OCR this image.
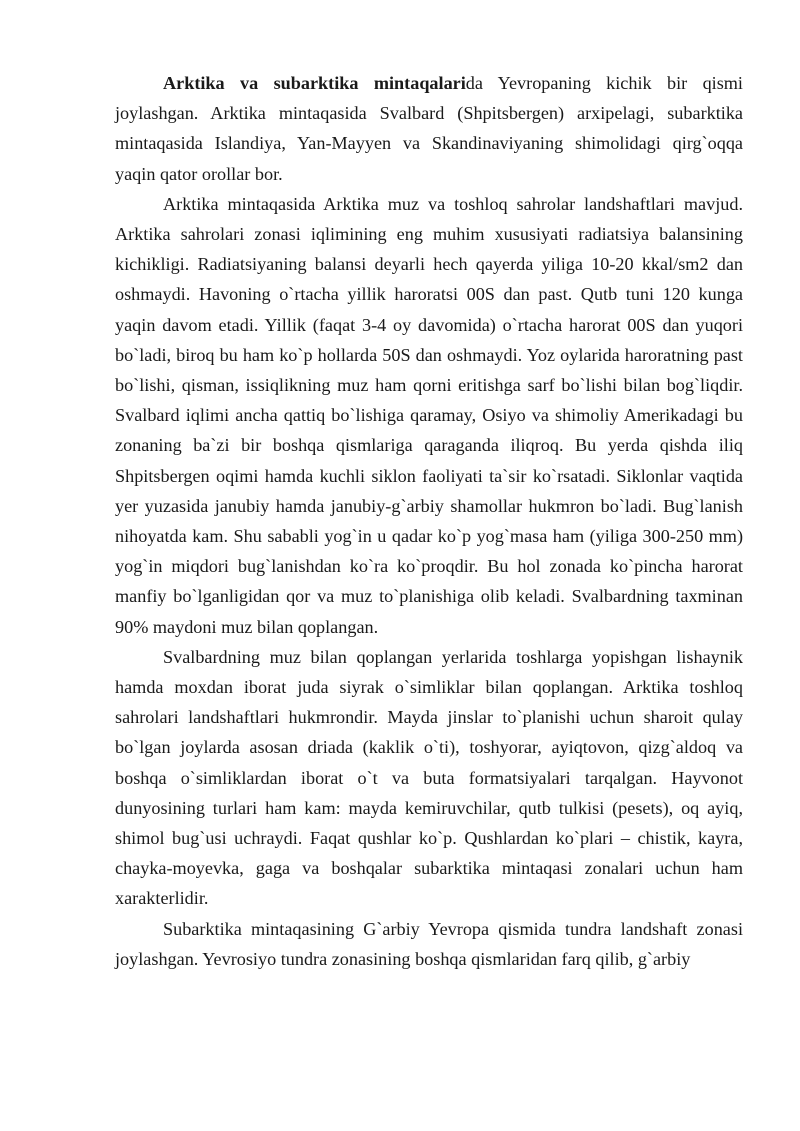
Arktika va subarktika mintaqalarida Yevropaning kichik bir qismi joylashgan. Arktika mintaqasida Svalbard (Shpitsbergen) arxipelagi, subarktika mintaqasida Islandiya, Yan-Mayyen va Skandinaviyaning shimolidagi qirg`oqqa yaqin qator orollar bor.

Arktika mintaqasida Arktika muz va toshloq sahrolar landshaftlari mavjud. Arktika sahrolari zonasi iqlimining eng muhim xususiyati radiatsiya balansining kichikligi. Radiatsiyaning balansi deyarli hech qayerda yiliga 10-20 kkal/sm2 dan oshmaydi. Havoning o`rtacha yillik haroratsi 00S dan past. Qutb tuni 120 kunga yaqin davom etadi. Yillik (faqat 3-4 oy davomida) o`rtacha harorat 00S dan yuqori bo`ladi, biroq bu ham ko`p hollarda 50S dan oshmaydi. Yoz oylarida haroratning past bo`lishi, qisman, issiqlikning muz ham qorni eritishga sarf bo`lishi bilan bog`liqdir. Svalbard iqlimi ancha qattiq bo`lishiga qaramay, Osiyo va shimoliy Amerikadagi bu zonaning ba`zi bir boshqa qismlariga qaraganda iliqroq. Bu yerda qishda iliq Shpitsbergen oqimi hamda kuchli siklon faoliyati ta`sir ko`rsatadi. Siklonlar vaqtida yer yuzasida janubiy hamda janubiy-g`arbiy shamollar hukmron bo`ladi. Bug`lanish nihoyatda kam. Shu sababli yog`in u qadar ko`p yog`masa ham (yiliga 300-250 mm) yog`in miqdori bug`lanishdan ko`ra ko`proqdir. Bu hol zonada ko`pincha harorat manfiy bo`lganligidan qor va muz to`planishiga olib keladi. Svalbardning taxminan 90% maydoni muz bilan qoplangan.

Svalbardning muz bilan qoplangan yerlarida toshlarga yopishgan lishaynik hamda moxdan iborat juda siyrak o`simliklar bilan qoplangan. Arktika toshloq sahrolari landshaftlari hukmrondir. Mayda jinslar to`planishi uchun sharoit qulay bo`lgan joylarda asosan driada (kaklik o`ti), toshyorar, ayiqtovon, qizg`aldoq va boshqa o`simliklardan iborat o`t va buta formatsiyalari tarqalgan. Hayvonot dunyosining turlari ham kam: mayda kemiruvchilar, qutb tulkisi (pesets), oq ayiq, shimol bug`usi uchraydi. Faqat qushlar ko`p. Qushlardan ko`plari – chistik, kayra, chayka-moyevka, gaga va boshqalar subarktika mintaqasi zonalari uchun ham xarakterlidir.

Subarktika mintaqasining G`arbiy Yevropa qismida tundra landshaft zonasi joylashgan. Yevrosiyo tundra zonasining boshqa qismlaridan farq qilib, g`arbiy
